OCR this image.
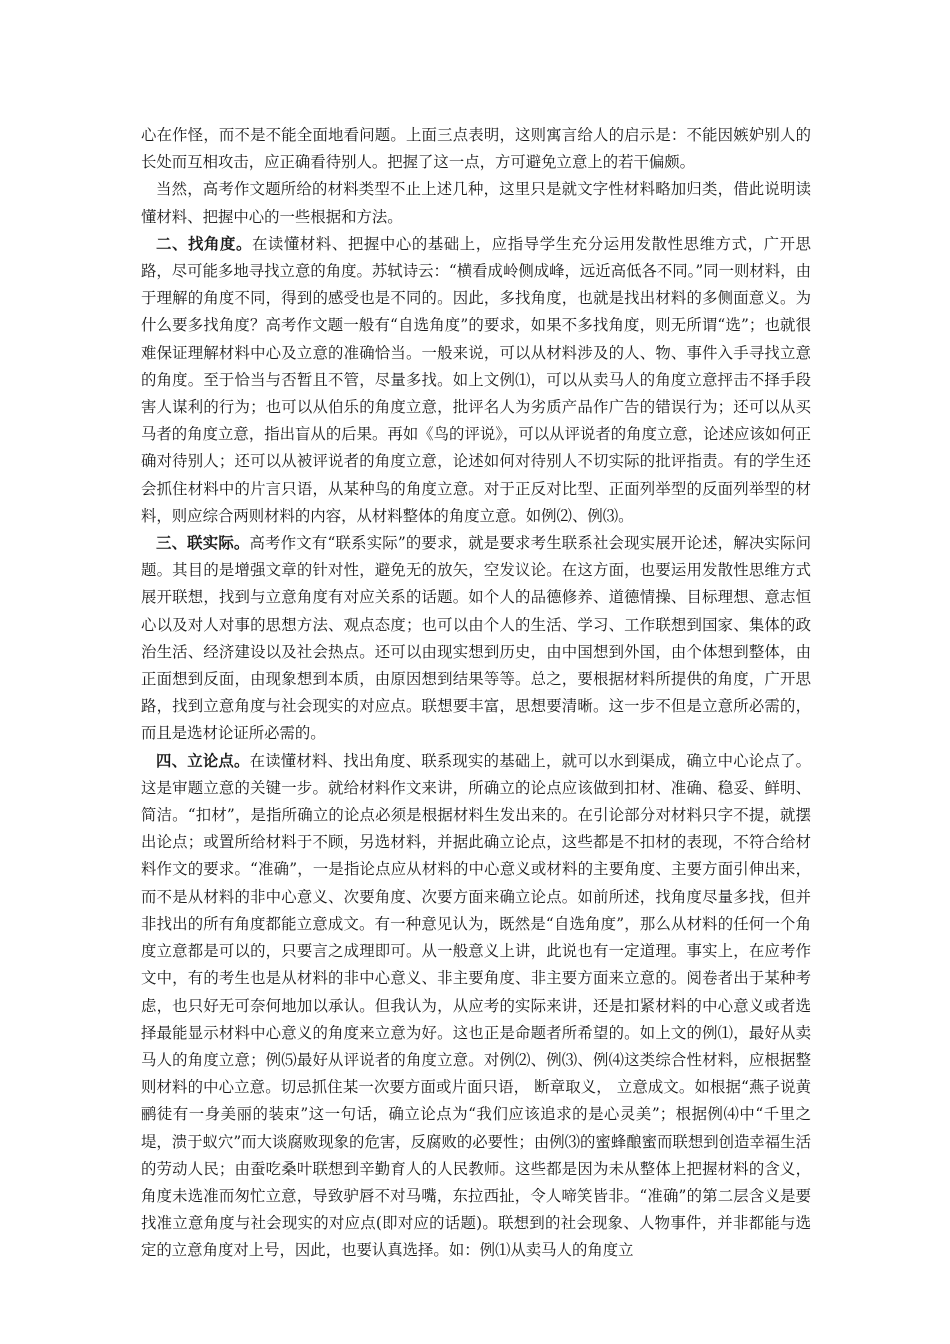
心在作怪，而不是不能全面地看问题。上面三点表明，这则寓言给人的启示是：不能因嫉妒别人的长处而互相攻击，应正确看待别人。把握了这一点，方可避免立意上的若干偏颇。

当然，高考作文题所给的材料类型不止上述几种，这里只是就文字性材料略加归类，借此说明读懂材料、把握中心的一些根据和方法。

二、找角度。在读懂材料、把握中心的基础上，应指导学生充分运用发散性思维方式，广开思路，尽可能多地寻找立意的角度。苏轼诗云：“横看成岭侧成峰，远近高低各不同。”同一则材料，由于理解的角度不同，得到的感受也是不同的。因此，多找角度，也就是找出材料的多侧面意义。为什么要多找角度？高考作文题一般有“自选角度”的要求，如果不多找角度，则无所谓“选”；也就很难保证理解材料中心及立意的准确恰当。一般来说，可以从材料涉及的人、物、事件入手寻找立意的角度。至于恰当与否暂且不管，尽量多找。如上文例⑴，可以从卖马人的角度立意抨击不择手段害人谋利的行为；也可以从伯乐的角度立意，批评名人为劣质产品作广告的错误行为；还可以从买马者的角度立意，指出盲从的后果。再如《鸟的评说》，可以从评说者的角度立意，论述应该如何正确对待别人；还可以从被评说者的角度立意，论述如何对待别人不切实际的批评指责。有的学生还会抓住材料中的片言只语，从某种鸟的角度立意。对于正反对比型、正面列举型的反面列举型的材料，则应综合两则材料的内容，从材料整体的角度立意。如例⑵、例⑶。

三、联实际。高考作文有“联系实际”的要求，就是要求考生联系社会现实展开论述，解决实际问题。其目的是增强文章的针对性，避免无的放矢，空发议论。在这方面，也要运用发散性思维方式展开联想，找到与立意角度有对应关系的话题。如个人的品德修养、道德情操、目标理想、意志恒心以及对人对事的思想方法、观点态度；也可以由个人的生活、学习、工作联想到国家、集体的政治生活、经济建设以及社会热点。还可以由现实想到历史，由中国想到外国，由个体想到整体，由正面想到反面，由现象想到本质，由原因想到结果等等。总之，要根据材料所提供的角度，广开思路，找到立意角度与社会现实的对应点。联想要丰富，思想要清晰。这一步不但是立意所必需的，而且是选材论证所必需的。

四、立论点。在读懂材料、找出角度、联系现实的基础上，就可以水到渠成，确立中心论点了。这是审题立意的关键一步。就给材料作文来讲，所确立的论点应该做到扣材、准确、稳妥、鲜明、简洁。“扣材”，是指所确立的论点必须是根据材料生发出来的。在引论部分对材料只字不提，就摆出论点；或置所给材料于不顾，另选材料，并据此确立论点，这些都是不扣材的表现，不符合给材料作文的要求。“准确”，一是指论点应从材料的中心意义或材料的主要角度、主要方面引伸出来，而不是从材料的非中心意义、次要角度、次要方面来确立论点。如前所述，找角度尽量多找，但并非找出的所有角度都能立意成文。有一种意见认为，既然是“自选角度”，那么从材料的任何一个角度立意都是可以的，只要言之成理即可。从一般意义上讲，此说也有一定道理。事实上，在应考作文中，有的考生也是从材料的非中心意义、非主要角度、非主要方面来立意的。阅卷者出于某种考虑，也只好无可奈何地加以承认。但我认为，从应考的实际来讲，还是扣紧材料的中心意义或者选择最能显示材料中心意义的角度来立意为好。这也正是命题者所希望的。如上文的例⑴，最好从卖马人的角度立意；例⑸最好从评说者的角度立意。对例⑵、例⑶、例⑷这类综合性材料，应根据整则材料的中心立意。切忌抓住某一次要方面或片面只语， 断章取义， 立意成文。如根据“燕子说黄鹂徒有一身美丽的装束”这一句话，确立论点为“我们应该追求的是心灵美”；根据例⑷中“千里之堤，溃于蚁穴”而大谈腐败现象的危害，反腐败的必要性；由例⑶的蜜蜂酿蜜而联想到创造幸福生活的劳动人民；由蚕吃桑叶联想到辛勤育人的人民教师。这些都是因为未从整体上把握材料的含义，角度未选准而匆忙立意，导致驴唇不对马嘴，东拉西扯，令人啼笑皆非。“准确”的第二层含义是要找准立意角度与社会现实的对应点(即对应的话题)。联想到的社会现象、人物事件，并非都能与选定的立意角度对上号，因此，也要认真选择。如：例⑴从卖马人的角度立
